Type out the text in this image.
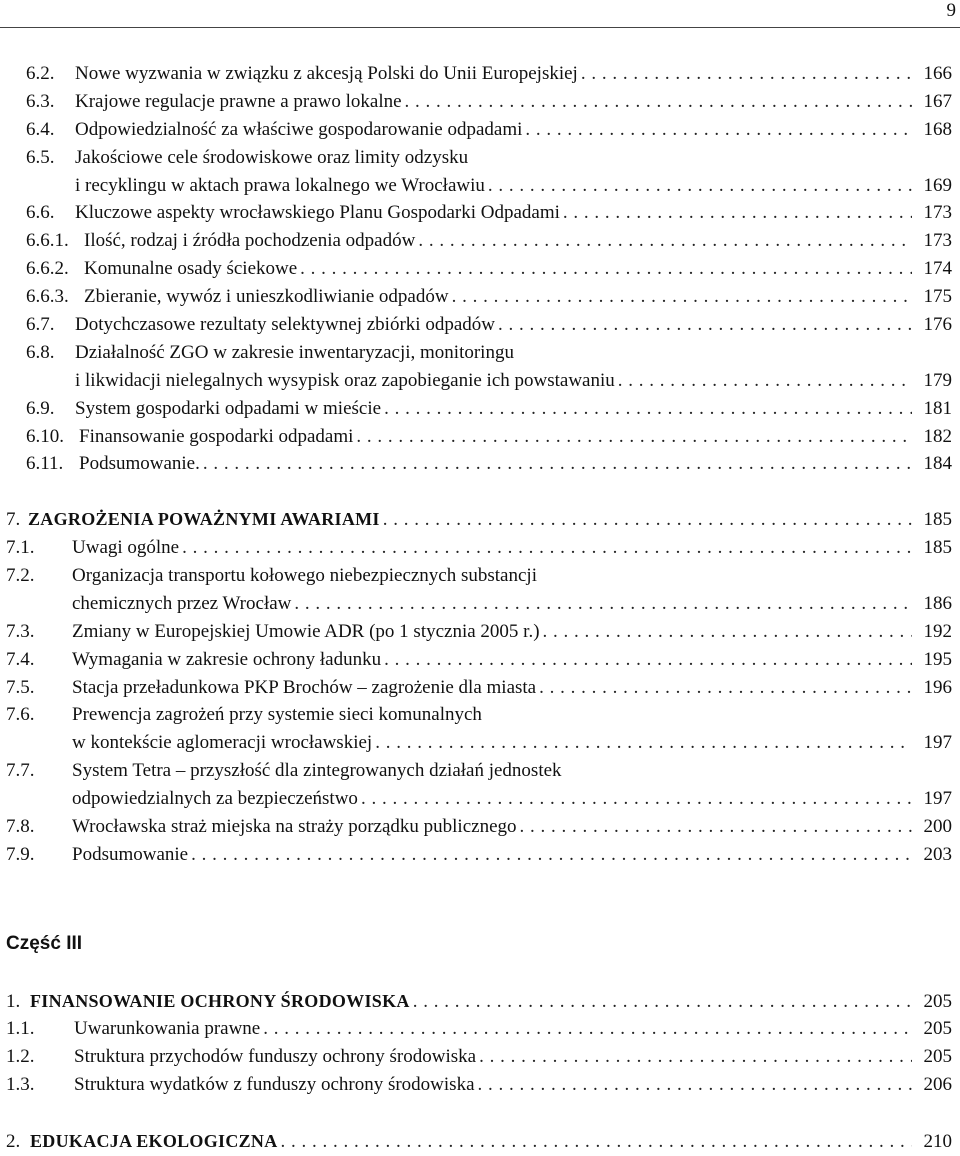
9
6.2.	Nowe wyzwania w związku z akcesją Polski do Unii Europejskiej . . .	166
6.3.	Krajowe regulacje prawne a prawo lokalne . . .	167
6.4.	Odpowiedzialność za właściwe gospodarowanie odpadami . . .	168
6.5.	Jakościowe cele środowiskowe oraz limity odzysku
i recyklingu w aktach prawa lokalnego we Wrocławiu . . .	169
6.6.	Kluczowe aspekty wrocławskiego Planu Gospodarki Odpadami . . .	173
6.6.1. Ilość, rodzaj i źródła pochodzenia odpadów . . .	173
6.6.2. Komunalne osady ściekowe . . .	174
6.6.3. Zbieranie, wywóz i unieszkodliwianie odpadów . . .	175
6.7.	Dotychczasowe rezultaty selektywnej zbiórki odpadów . . .	176
6.8.	Działalność ZGO w zakresie inwentaryzacji, monitoringu
i likwidacji nielegalnych wysypisk oraz zapobieganie ich powstawaniu . . .	179
6.9.	System gospodarki odpadami w mieście . . .	181
6.10. Finansowanie gospodarki odpadami . . .	182
6.11. Podsumowanie. . . .	184
7. ZAGROŻENIA POWAŻNYMI AWARIAMI . . .	185
7.1.	Uwagi ogólne . . .	185
7.2.	Organizacja transportu kołowego niebezpiecznych substancji
chemicznych przez Wrocław . . .	186
7.3.	Zmiany w Europejskiej Umowie ADR (po 1 stycznia 2005 r.) . . .	192
7.4.	Wymagania w zakresie ochrony ładunku . . .	195
7.5.	Stacja przeładunkowa PKP Brochów – zagrożenie dla miasta . . .	196
7.6.	Prewencja zagrożeń przy systemie sieci komunalnych
w kontekście aglomeracji wrocławskiej . . .	197
7.7.	System Tetra – przyszłość dla zintegrowanych działań jednostek
odpowiedzialnych za bezpieczeństwo . . .	197
7.8.	Wrocławska straż miejska na straży porządku publicznego . . .	200
7.9.	Podsumowanie . . .	203
Część III
1. FINANSOWANIE OCHRONY ŚRODOWISKA . . .	205
1.1.	Uwarunkowania prawne . . .	205
1.2.	Struktura przychodów funduszy ochrony środowiska . . .	205
1.3.	Struktura wydatków z funduszy ochrony środowiska . . .	206
2. EDUKACJA EKOLOGICZNA . . .	210
